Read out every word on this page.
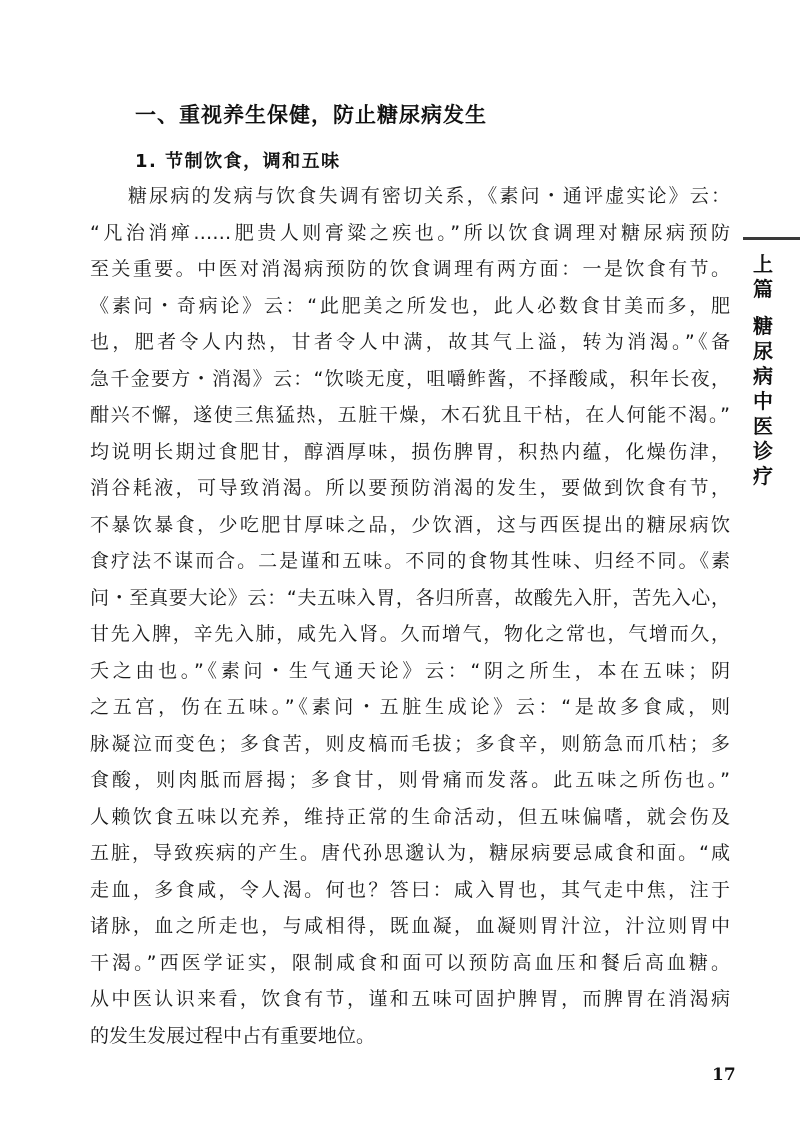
一、重视养生保健，防止糖尿病发生
1. 节制饮食，调和五味
糖尿病的发病与饮食失调有密切关系，《素问・通评虚实论》云：
“凡治消瘅……肥贵人则膏粱之疾也。”所以饮食调理对糖尿病预防
至关重要。中医对消渴病预防的饮食调理有两方面：一是饮食有节。
《素问・奇病论》云：“此肥美之所发也，此人必数食甘美而多，肥
也，肥者令人内热，甘者令人中满，故其气上溢，转为消渴。”《备
急千金要方・消渴》云：“饮啖无度，咀嚼鲊酱，不择酸咸，积年长夜，
酣兴不懈，遂使三焦猛热，五脏干燥，木石犹且干枯，在人何能不渴。”
均说明长期过食肥甘，醇酒厚味，损伤脾胃，积热内蕴，化燥伤津，
消谷耗液，可导致消渴。所以要预防消渴的发生，要做到饮食有节，
不暴饮暴食，少吃肥甘厚味之品，少饮酒，这与西医提出的糖尿病饮
食疗法不谋而合。二是谨和五味。不同的食物其性味、归经不同。《素
问・至真要大论》云：“夫五味入胃，各归所喜，故酸先入肝，苦先入心，
甘先入脾，辛先入肺，咸先入肾。久而增气，物化之常也，气增而久，
夭之由也。”《素问・生气通天论》云：“阴之所生，本在五味；阴
之五宫，伤在五味。”《素问・五脏生成论》云：“是故多食咸，则
脉凝泣而变色；多食苦，则皮槁而毛拔；多食辛，则筋急而爪枯；多
食酸，则肉胝而唇揭；多食甘，则骨痛而发落。此五味之所伤也。”
人赖饮食五味以充养，维持正常的生命活动，但五味偏嗜，就会伤及
五脏，导致疾病的产生。唐代孙思邈认为，糖尿病要忌咸食和面。“咸
走血，多食咸，令人渴。何也？答曰：咸入胃也，其气走中焦，注于
诸脉，血之所走也，与咸相得，既血凝，血凝则胃汁泣，汁泣则胃中
干渴。”西医学证实，限制咸食和面可以预防高血压和餐后高血糖。
从中医认识来看，饮食有节，谨和五味可固护脾胃，而脾胃在消渴病
的发生发展过程中占有重要地位。
上
篇
糖
尿
病
中
医
诊
疗
17
